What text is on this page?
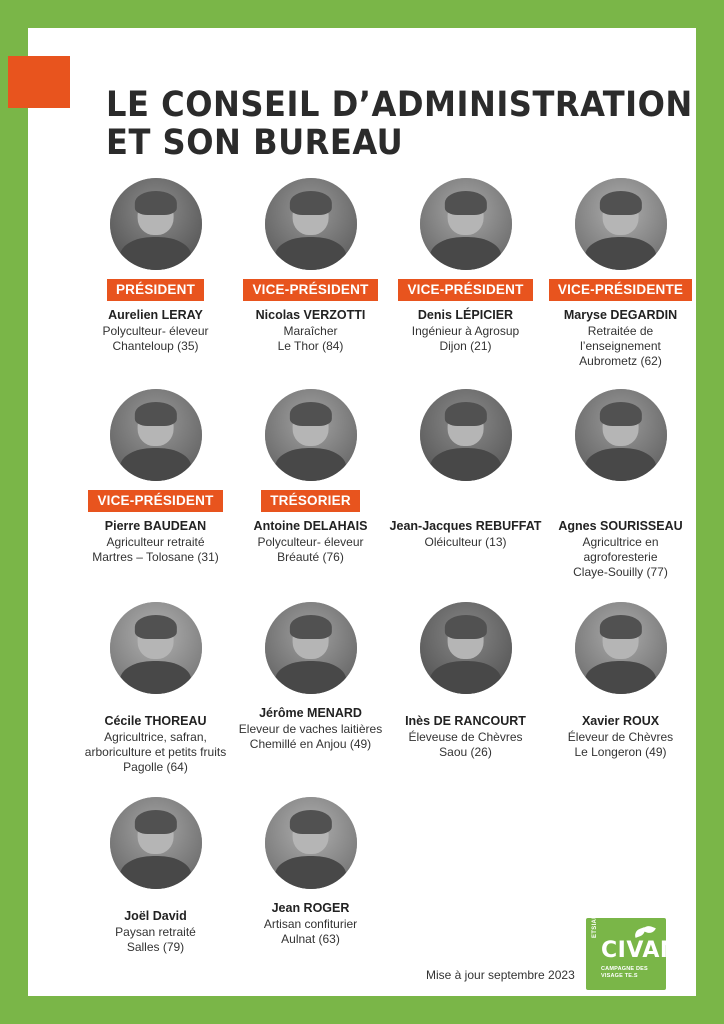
LE CONSEIL D’ADMINISTRATION
ET SON BUREAU
PRÉSIDENT
Aurelien LERAY
Polyculteur- éleveur
Chanteloup (35)
VICE-PRÉSIDENT
Nicolas VERZOTTI
Maraîcher
Le Thor (84)
VICE-PRÉSIDENT
Denis LÉPICIER
Ingénieur à Agrosup
Dijon (21)
VICE-PRÉSIDENTE
Maryse DEGARDIN
Retraitée de
l’enseignement
Aubrometz (62)
VICE-PRÉSIDENT
Pierre BAUDEAN
Agriculteur retraité
Martres – Tolosane (31)
TRÉSORIER
Antoine DELAHAIS
Polyculteur- éleveur
Bréauté (76)
Jean-Jacques REBUFFAT
Oléiculteur (13)
Agnes SOURISSEAU
Agricultrice en
agroforesterie
Claye-Souilly (77)
Cécile THOREAU
Agricultrice, safran,
arboriculture et petits fruits
Pagolle (64)
Jérôme MENARD
Eleveur de vaches laitières
Chemillé en Anjou (49)
Inès DE RANCOURT
Éleveuse de Chèvres
Saou (26)
Xavier ROUX
Éleveur de Chèvres
Le Longeron (49)
Joël David
Paysan retraité
Salles (79)
Jean ROGER
Artisan confiturier
Aulnat (63)
Mise à jour septembre 2023
ETSIAUP
CIVAM
CAMPAGNE DES
VISAGE TE.S
